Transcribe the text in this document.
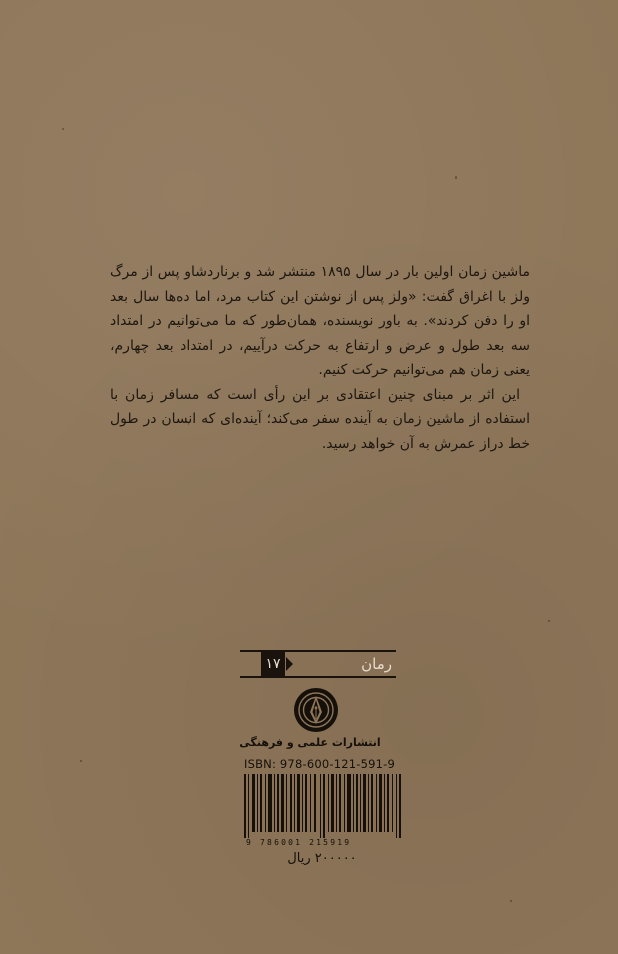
ماشین زمان اولین بار در سال ۱۸۹۵ منتشر شد و برنارد‌شاو پس از مرگ ولز با اغراق گفت: «ولز پس از نوشتن این کتاب مرد، اما ده‌ها سال بعد او را دفن کردند». به باور نویسنده، همان‌طور که ما می‌توانیم در امتداد سه بعد طول و عرض و ارتفاع به حرکت درآییم، در امتداد بعد چهارم، یعنی زمان هم می‌توانیم حرکت کنیم.

این اثر بر مبنای چنین اعتقادی بر این رأی است که مسافر زمان با استفاده از ماشین زمان به آینده سفر می‌کند؛ آینده‌ای که انسان در طول خط دراز عمرش به آن خواهد رسید.

۱۷	رمان
انتشارات علمی و فرهنگی
ISBN: 978-600-121-591-9
9 786001 215919
۲۰۰۰۰۰ ریال
